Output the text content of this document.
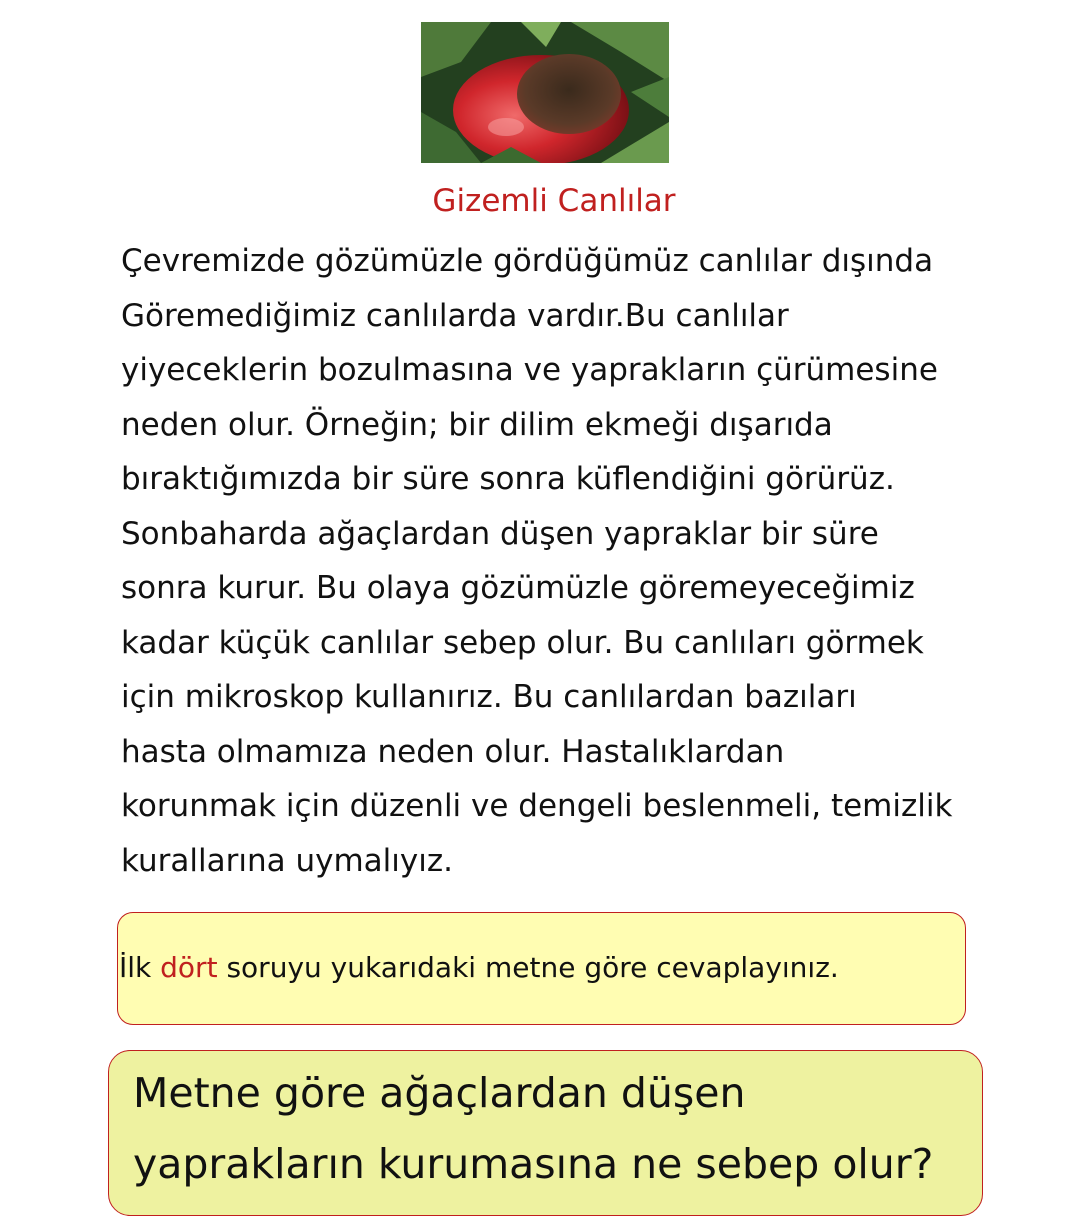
Gizemli Canlılar
Çevremizde gözümüzle gördüğümüz canlılar dışında
Göremediğimiz canlılarda vardır.Bu canlılar
yiyeceklerin bozulmasına ve yaprakların çürümesine
neden olur. Örneğin; bir dilim ekmeği dışarıda
bıraktığımızda bir süre sonra küflendiğini görürüz.
Sonbaharda ağaçlardan düşen yapraklar bir süre
sonra kurur. Bu olaya gözümüzle göremeyeceğimiz
kadar küçük canlılar sebep olur. Bu canlıları görmek
için mikroskop kullanırız. Bu canlılardan bazıları
hasta olmamıza neden olur. Hastalıklardan
korunmak için düzenli ve dengeli beslenmeli, temizlik
kurallarına uymalıyız.
İlk dört soruyu yukarıdaki metne göre cevaplayınız.
Metne göre ağaçlardan düşen
yaprakların kurumasına ne sebep olur?
